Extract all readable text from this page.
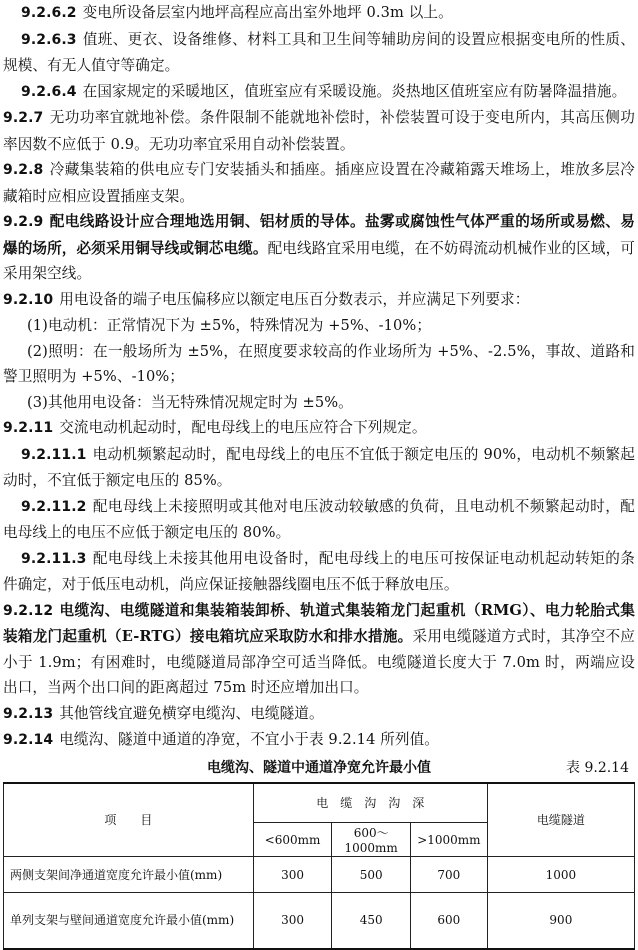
9.2.6.2 变电所设备层室内地坪高程应高出室外地坪 0.3m 以上。

9.2.6.3 值班、更衣、设备维修、材料工具和卫生间等辅助房间的设置应根据变电所的性质、规模、有无人值守等确定。

9.2.6.4 在国家规定的采暖地区，值班室应有采暖设施。炎热地区值班室应有防暑降温措施。

9.2.7 无功功率宜就地补偿。条件限制不能就地补偿时，补偿装置可设于变电所内，其高压侧功率因数不应低于 0.9。无功功率宜采用自动补偿装置。

9.2.8 冷藏集装箱的供电应专门安装插头和插座。插座应设置在冷藏箱露天堆场上，堆放多层冷藏箱时应相应设置插座支架。

9.2.9 配电线路设计应合理地选用铜、铝材质的导体。盐雾或腐蚀性气体严重的场所或易燃、易爆的场所，必须采用铜导线或铜芯电缆。配电线路宜采用电缆，在不妨碍流动机械作业的区域，可采用架空线。

9.2.10 用电设备的端子电压偏移应以额定电压百分数表示，并应满足下列要求：

(1)电动机：正常情况下为 ±5%，特殊情况为 +5%、-10%；

(2)照明：在一般场所为 ±5%，在照度要求较高的作业场所为 +5%、-2.5%，事故、道路和警卫照明为 +5%、-10%；

(3)其他用电设备：当无特殊情况规定时为 ±5%。

9.2.11 交流电动机起动时，配电母线上的电压应符合下列规定。

9.2.11.1 电动机频繁起动时，配电母线上的电压不宜低于额定电压的 90%，电动机不频繁起动时，不宜低于额定电压的 85%。

9.2.11.2 配电母线上未接照明或其他对电压波动较敏感的负荷，且电动机不频繁起动时，配电母线上的电压不应低于额定电压的 80%。

9.2.11.3 配电母线上未接其他用电设备时，配电母线上的电压可按保证电动机起动转矩的条件确定，对于低压电动机，尚应保证接触器线圈电压不低于释放电压。

9.2.12 电缆沟、电缆隧道和集装箱装卸桥、轨道式集装箱龙门起重机（RMG）、电力轮胎式集装箱龙门起重机（E-RTG）接电箱坑应采取防水和排水措施。采用电缆隧道方式时，其净空不应小于 1.9m；有困难时，电缆隧道局部净空可适当降低。电缆隧道长度大于 7.0m 时，两端应设出口，当两个出口间的距离超过 75m 时还应增加出口。

9.2.13 其他管线宜避免横穿电缆沟、电缆隧道。

9.2.14 电缆沟、隧道中通道的净宽，不宜小于表 9.2.14 所列值。

电缆沟、隧道中通道净宽允许最小值	表 9.2.14
项　　目	电　缆　沟　沟　深			电缆隧道
	<600mm	600～1000mm	>1000mm	
两侧支架间净通道宽度允许最小值(mm)	300	500	700	1000
单列支架与壁间通道宽度允许最小值(mm)	300	450	600	900
